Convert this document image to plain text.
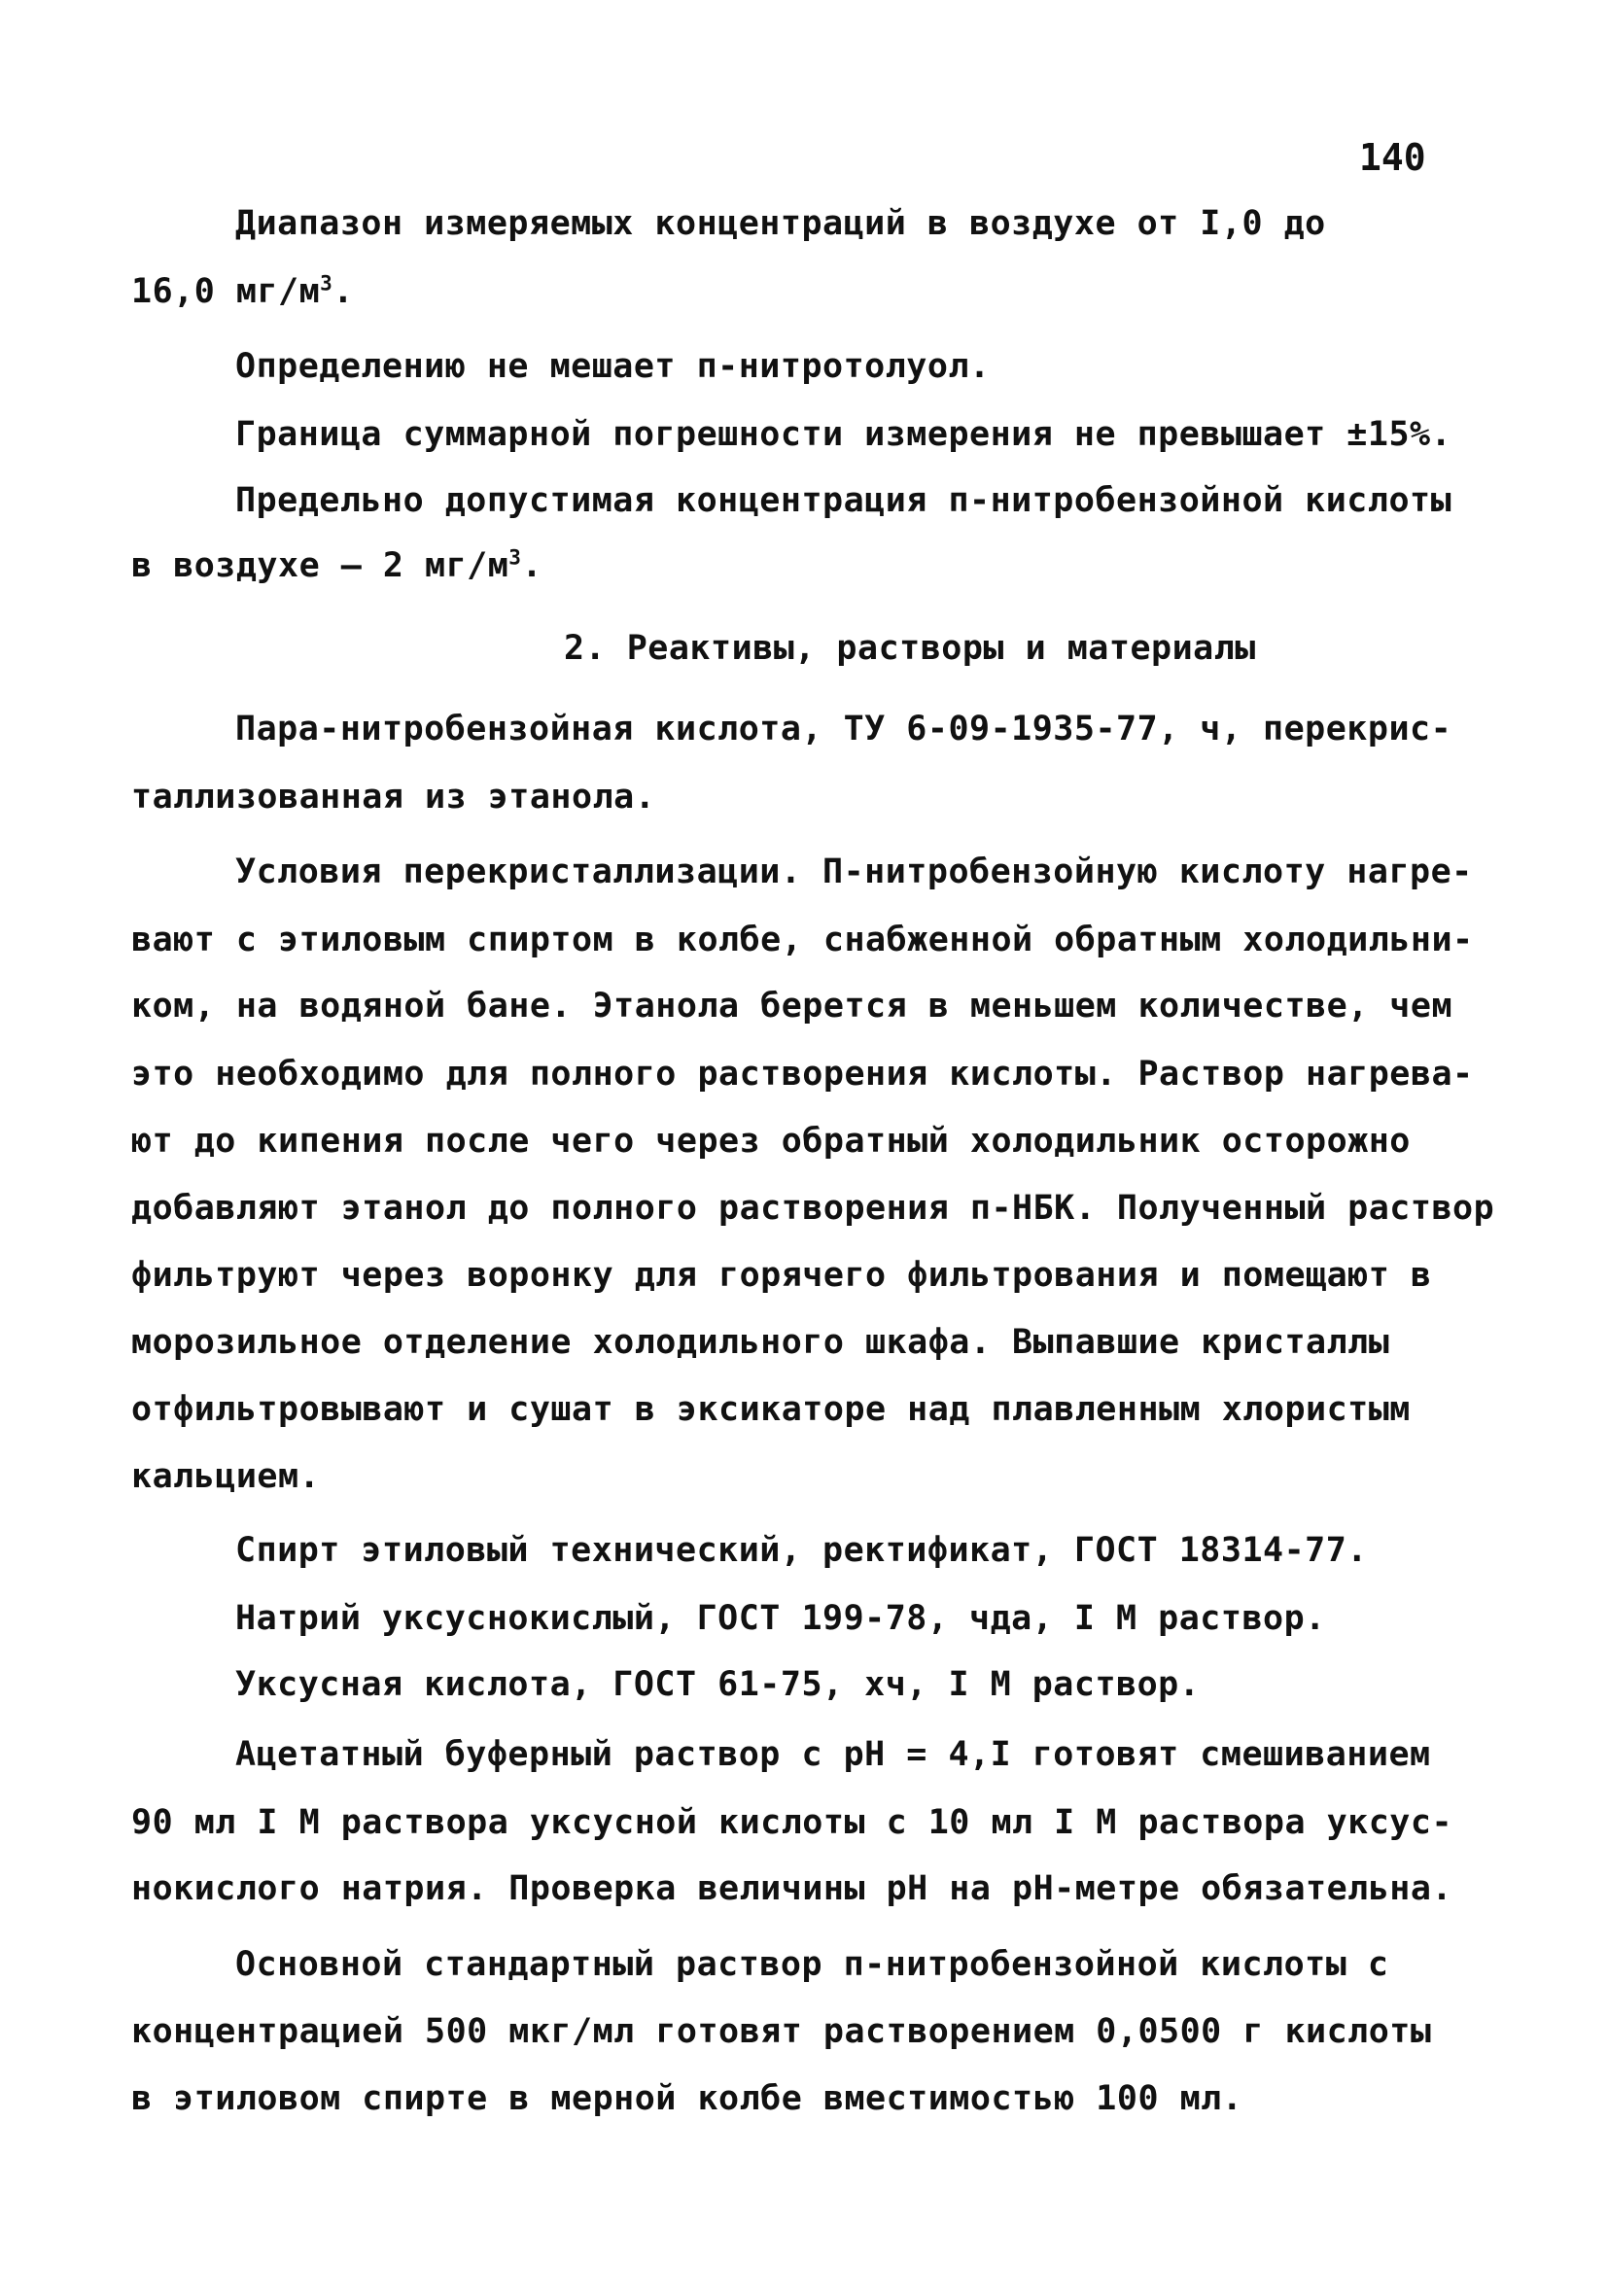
140
Диапазон измеряемых концентраций в воздухе от I,0 до
16,0 $мг/м^3$.
Определению не мешает п-нитротолуол.
Граница суммарной погрешности измерения не превышает ±15%.
Предельно допустимая концентрация п-нитробензойной кислоты
в воздухе – 2 $мг/м^3$.
2. Реактивы, растворы и материалы
Пара-нитробензойная кислота, ТУ 6-09-1935-77, ч, перекрис-
таллизованная из этанола.
Условия перекристаллизации. П-нитробензойную кислоту нагре-
вают с этиловым спиртом в колбе, снабженной обратным холодильни-
ком, на водяной бане. Этанола берется в меньшем количестве, чем
это необходимо для полного растворения кислоты. Раствор нагрева-
ют до кипения после чего через обратный холодильник осторожно
добавляют этанол до полного растворения п-НБК. Полученный раствор
фильтруют через воронку для горячего фильтрования и помещают в
морозильное отделение холодильного шкафа. Выпавшие кристаллы
отфильтровывают и сушат в эксикаторе над плавленным хлористым
кальцием.
Спирт этиловый технический, ректификат, ГОСТ 18314-77.
Натрий уксуснокислый, ГОСТ 199-78, чда, I М раствор.
Уксусная кислота, ГОСТ 61-75, хч, I М раствор.
Ацетатный буферный раствор с рН = 4,I готовят смешиванием
90 мл I М раствора уксусной кислоты с 10 мл I М раствора уксус-
нокислого натрия. Проверка величины рН на рН-метре обязательна.
Основной стандартный раствор п-нитробензойной кислоты с
концентрацией 500 мкг/мл готовят растворением 0,0500 г кислоты
в этиловом спирте в мерной колбе вместимостью 100 мл.
